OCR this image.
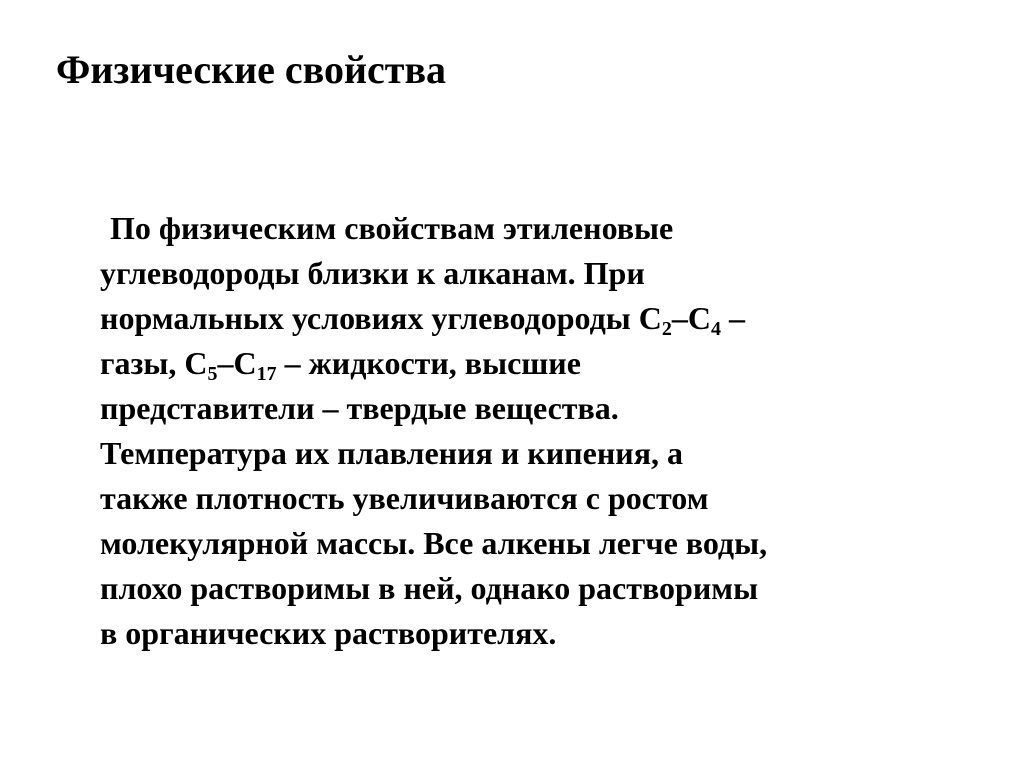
Физические свойства
По физическим свойствам этиленовые
углеводороды близки к алканам. При
нормальных условиях углеводороды $C_2-C_4$ –
газы, $C_5-C_{17}$ – жидкости, высшие
представители – твердые вещества.
Температура их плавления и кипения, а
также плотность увеличиваются с ростом
молекулярной массы. Все алкены легче воды,
плохо растворимы в ней, однако растворимы
в органических растворителях.
